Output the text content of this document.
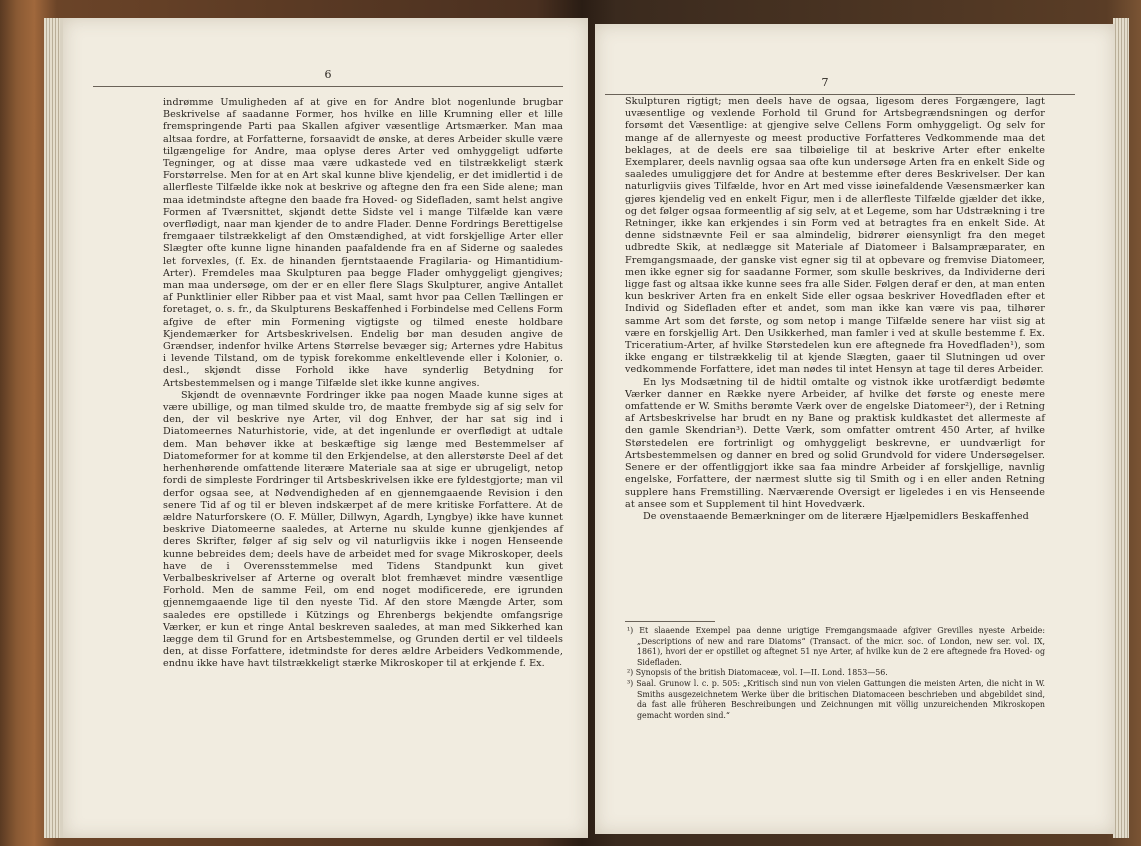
6

indrømme Umuligheden af at give en for Andre blot nogenlunde brugbar Beskrivelse af saadanne Former, hos hvilke en lille Krumning eller et lille fremspringende Parti paa Skallen afgiver væsentlige Artsmærker. Man maa altsaa fordre, at Forfatterne, forsaavidt de ønske, at deres Arbeider skulle være tilgængelige for Andre, maa oplyse deres Arter ved omhyggeligt udførte Tegninger, og at disse maa være udkastede ved en tilstrækkeligt stærk Forstørrelse. Men for at en Art skal kunne blive kjendelig, er det imidlertid i de allerfleste Tilfælde ikke nok at beskrive og aftegne den fra een Side alene; man maa idetmindste aftegne den baade fra Hoved- og Sidefladen, samt helst angive Formen af Tværsnittet, skjøndt dette Sidste vel i mange Tilfælde kan være overflødigt, naar man kjender de to andre Flader. Denne Fordrings Berettigelse fremgaaer tilstrækkeligt af den Omstændighed, at vidt forskjellige Arter eller Slægter ofte kunne ligne hinanden paafaldende fra en af Siderne og saaledes let forvexles, (f. Ex. de hinanden fjerntstaaende Fragilaria- og Himantidium-Arter). Fremdeles maa Skulpturen paa begge Flader omhyggeligt gjengives; man maa undersøge, om der er en eller flere Slags Skulpturer, angive Antallet af Punktlinier eller Ribber paa et vist Maal, samt hvor paa Cellen Tællingen er foretaget, o. s. fr., da Skulpturens Beskaffenhed i Forbindelse med Cellens Form afgive de efter min Formening vigtigste og tilmed eneste holdbare Kjendemærker for Artsbeskrivelsen. Endelig bør man desuden angive de Grændser, indenfor hvilke Artens Størrelse bevæger sig; Arternes ydre Habitus i levende Tilstand, om de typisk forekomme enkeltlevende eller i Kolonier, o. desl., skjøndt disse Forhold ikke have synderlig Betydning for Artsbestemmelsen og i mange Tilfælde slet ikke kunne angives.

Skjøndt de ovennævnte Fordringer ikke paa nogen Maade kunne siges at være ubillige, og man tilmed skulde tro, de maatte frembyde sig af sig selv for den, der vil beskrive nye Arter, vil dog Enhver, der har sat sig ind i Diatomeernes Naturhistorie, vide, at det ingenlunde er overflødigt at udtale dem. Man behøver ikke at beskæftige sig længe med Bestemmelser af Diatomeformer for at komme til den Erkjendelse, at den allerstørste Deel af det herhenhørende omfattende literære Materiale saa at sige er ubrugeligt, netop fordi de simpleste Fordringer til Artsbeskrivelsen ikke ere fyldestgjorte; man vil derfor ogsaa see, at Nødvendigheden af en gjennemgaaende Revision i den senere Tid af og til er bleven indskærpet af de mere kritiske Forfattere. At de ældre Naturforskere (O. F. Müller, Dillwyn, Agardh, Lyngbye) ikke have kunnet beskrive Diatomeerne saaledes, at Arterne nu skulde kunne gjenkjendes af deres Skrifter, følger af sig selv og vil naturligviis ikke i nogen Henseende kunne bebreides dem; deels have de arbeidet med for svage Mikroskoper, deels have de i Overensstemmelse med Tidens Standpunkt kun givet Verbalbeskrivelser af Arterne og overalt blot fremhævet mindre væsentlige Forhold. Men de samme Feil, om end noget modificerede, ere igrunden gjennemgaaende lige til den nyeste Tid. Af den store Mængde Arter, som saaledes ere opstillede i Kützings og Ehrenbergs bekjendte omfangsrige Værker, er kun et ringe Antal beskreven saaledes, at man med Sikkerhed kan lægge dem til Grund for en Artsbestemmelse, og Grunden dertil er vel tildeels den, at disse Forfattere, idetmindste for deres ældre Arbeiders Vedkommende, endnu ikke have havt tilstrækkeligt stærke Mikroskoper til at erkjende f. Ex.

7

Skulpturen rigtigt; men deels have de ogsaa, ligesom deres Forgængere, lagt uvæsentlige og vexlende Forhold til Grund for Artsbegrændsningen og derfor forsømt det Væsentlige: at gjengive selve Cellens Form omhyggeligt. Og selv for mange af de allernyeste og meest productive Forfatteres Vedkommende maa det beklages, at de deels ere saa tilbøielige til at beskrive Arter efter enkelte Exemplarer, deels navnlig ogsaa saa ofte kun undersøge Arten fra en enkelt Side og saaledes umuliggjøre det for Andre at bestemme efter deres Beskrivelser. Der kan naturligviis gives Tilfælde, hvor en Art med visse iøinefaldende Væsensmærker kan gjøres kjendelig ved en enkelt Figur, men i de allerfleste Tilfælde gjælder det ikke, og det følger ogsaa formeentlig af sig selv, at et Legeme, som har Udstrækning i tre Retninger, ikke kan erkjendes i sin Form ved at betragtes fra en enkelt Side. At denne sidstnævnte Feil er saa almindelig, bidrører øiensynligt fra den meget udbredte Skik, at nedlægge sit Materiale af Diatomeer i Balsampræparater, en Fremgangsmaade, der ganske vist egner sig til at opbevare og fremvise Diatomeer, men ikke egner sig for saadanne Former, som skulle beskrives, da Individerne deri ligge fast og altsaa ikke kunne sees fra alle Sider. Følgen deraf er den, at man enten kun beskriver Arten fra en enkelt Side eller ogsaa beskriver Hovedfladen efter et Individ og Sidefladen efter et andet, som man ikke kan være vis paa, tilhører samme Art som det første, og som netop i mange Tilfælde senere har viist sig at være en forskjellig Art. Den Usikkerhed, man famler i ved at skulle bestemme f. Ex. Triceratium-Arter, af hvilke Størstedelen kun ere aftegnede fra Hovedfladen¹), som ikke engang er tilstrækkelig til at kjende Slægten, gaaer til Slutningen ud over vedkommende Forfattere, idet man nødes til intet Hensyn at tage til deres Arbeider.

En lys Modsætning til de hidtil omtalte og vistnok ikke urotfærdigt bedømte Værker danner en Række nyere Arbeider, af hvilke det første og eneste mere omfattende er W. Smiths berømte Værk over de engelske Diatomeer²), der i Retning af Artsbeskrivelse har brudt en ny Bane og praktisk kuldkastet det allermeste af den gamle Skendrian³). Dette Værk, som omfatter omtrent 450 Arter, af hvilke Størstedelen ere fortrinligt og omhyggeligt beskrevne, er uundværligt for Artsbestemmelsen og danner en bred og solid Grundvold for videre Undersøgelser. Senere er der offentliggjort ikke saa faa mindre Arbeider af forskjellige, navnlig engelske, Forfattere, der nærmest slutte sig til Smith og i en eller anden Retning supplere hans Fremstilling. Nærværende Oversigt er ligeledes i en vis Henseende at ansee som et Supplement til hint Hovedværk.

De ovenstaaende Bemærkninger om de literære Hjælpemidlers Beskaffenhed

¹) Et slaaende Exempel paa denne urigtige Fremgangsmaade afgiver Grevilles nyeste Arbeide: „Descriptions of new and rare Diatoms“ (Transact. of the micr. soc. of London, new ser. vol. IX, 1861), hvori der er opstillet og aftegnet 51 nye Arter, af hvilke kun de 2 ere aftegnede fra Hoved- og Sidefladen.

²) Synopsis of the british Diatomaceæ, vol. I—II. Lond. 1853—56.

³) Saal. Grunow l. c. p. 505: „Kritisch sind nun von vielen Gattungen die meisten Arten, die nicht in W. Smiths ausgezeichnetem Werke über die britischen Diatomaceen beschrieben und abgebildet sind, da fast alle früheren Beschreibungen und Zeichnungen mit völlig unzureichenden Mikroskopen gemacht worden sind.“
